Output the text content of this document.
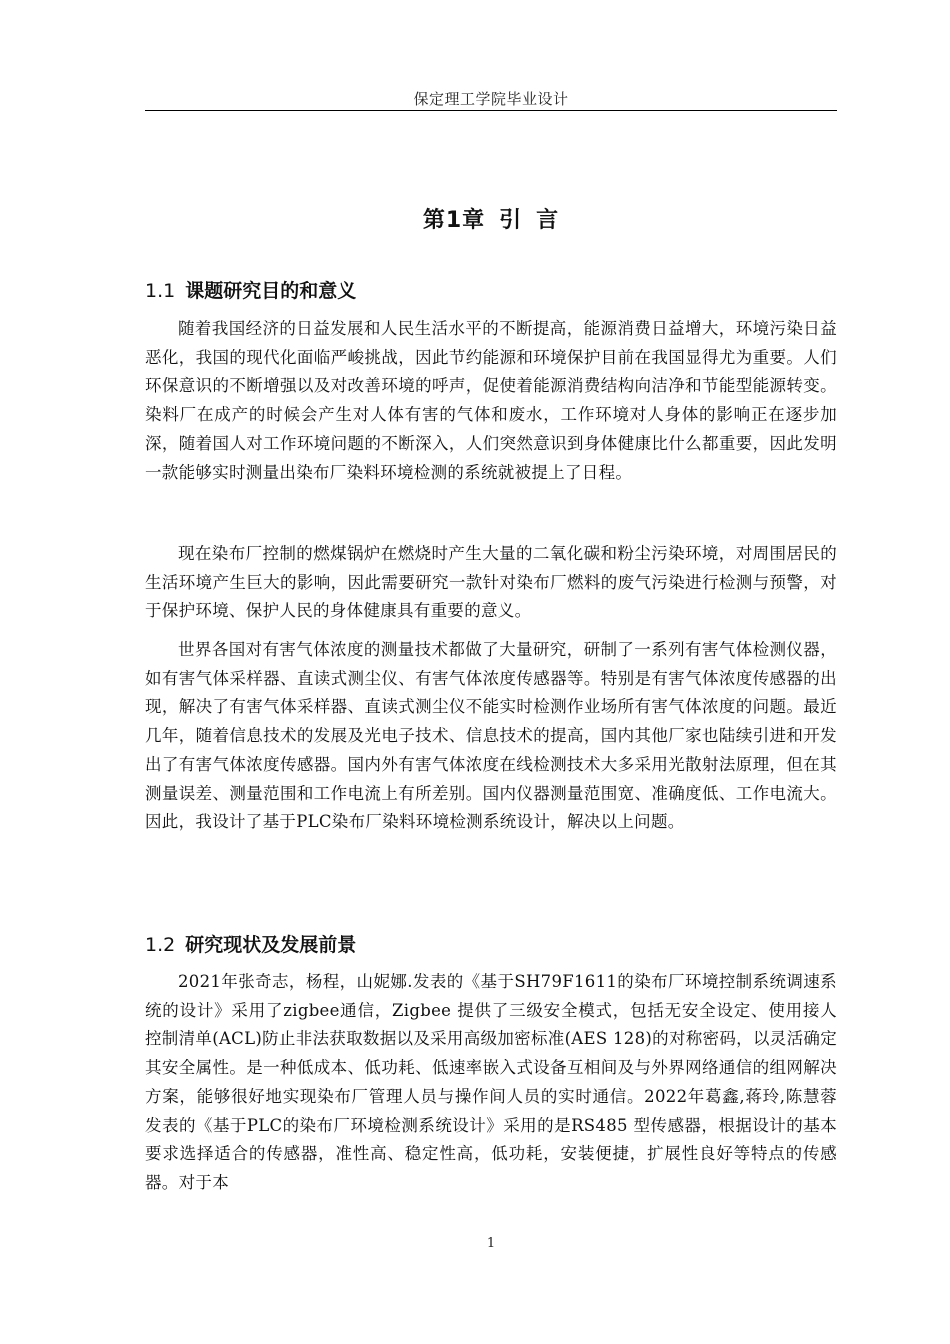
保定理工学院毕业设计
第1章 引 言
1.1 课题研究目的和意义

随着我国经济的日益发展和人民生活水平的不断提高，能源消费日益增大，环境污染日益恶化，我国的现代化面临严峻挑战，因此节约能源和环境保护目前在我国显得尤为重要。人们环保意识的不断增强以及对改善环境的呼声，促使着能源消费结构向洁净和节能型能源转变。染料厂在成产的时候会产生对人体有害的气体和废水，工作环境对人身体的影响正在逐步加深，随着国人对工作环境问题的不断深入，人们突然意识到身体健康比什么都重要，因此发明一款能够实时测量出染布厂染料环境检测的系统就被提上了日程。

现在染布厂控制的燃煤锅炉在燃烧时产生大量的二氧化碳和粉尘污染环境，对周围居民的生活环境产生巨大的影响，因此需要研究一款针对染布厂燃料的废气污染进行检测与预警，对于保护环境、保护人民的身体健康具有重要的意义。

世界各国对有害气体浓度的测量技术都做了大量研究，研制了一系列有害气体检测仪器，如有害气体采样器、直读式测尘仪、有害气体浓度传感器等。特别是有害气体浓度传感器的出现，解决了有害气体采样器、直读式测尘仪不能实时检测作业场所有害气体浓度的问题。最近几年，随着信息技术的发展及光电子技术、信息技术的提高，国内其他厂家也陆续引进和开发出了有害气体浓度传感器。国内外有害气体浓度在线检测技术大多采用光散射法原理，但在其测量误差、测量范围和工作电流上有所差别。国内仪器测量范围宽、准确度低、工作电流大。因此，我设计了基于PLC染布厂染料环境检测系统设计，解决以上问题。

1.2 研究现状及发展前景

2021年张奇志，杨程，山妮娜.发表的《基于SH79F1611的染布厂环境控制系统调速系统的设计》采用了zigbee通信，Zigbee 提供了三级安全模式，包括无安全设定、使用接人控制清单(ACL)防止非法获取数据以及采用高级加密标准(AES 128)的对称密码，以灵活确定其安全属性。是一种低成本、低功耗、低速率嵌入式设备互相间及与外界网络通信的组网解决方案，能够很好地实现染布厂管理人员与操作间人员的实时通信。2022年葛鑫,蒋玲,陈慧蓉发表的《基于PLC的染布厂环境检测系统设计》采用的是RS485 型传感器，根据设计的基本要求选择适合的传感器，准性高、稳定性高，低功耗，安装便捷，扩展性良好等特点的传感器。对于本

1
